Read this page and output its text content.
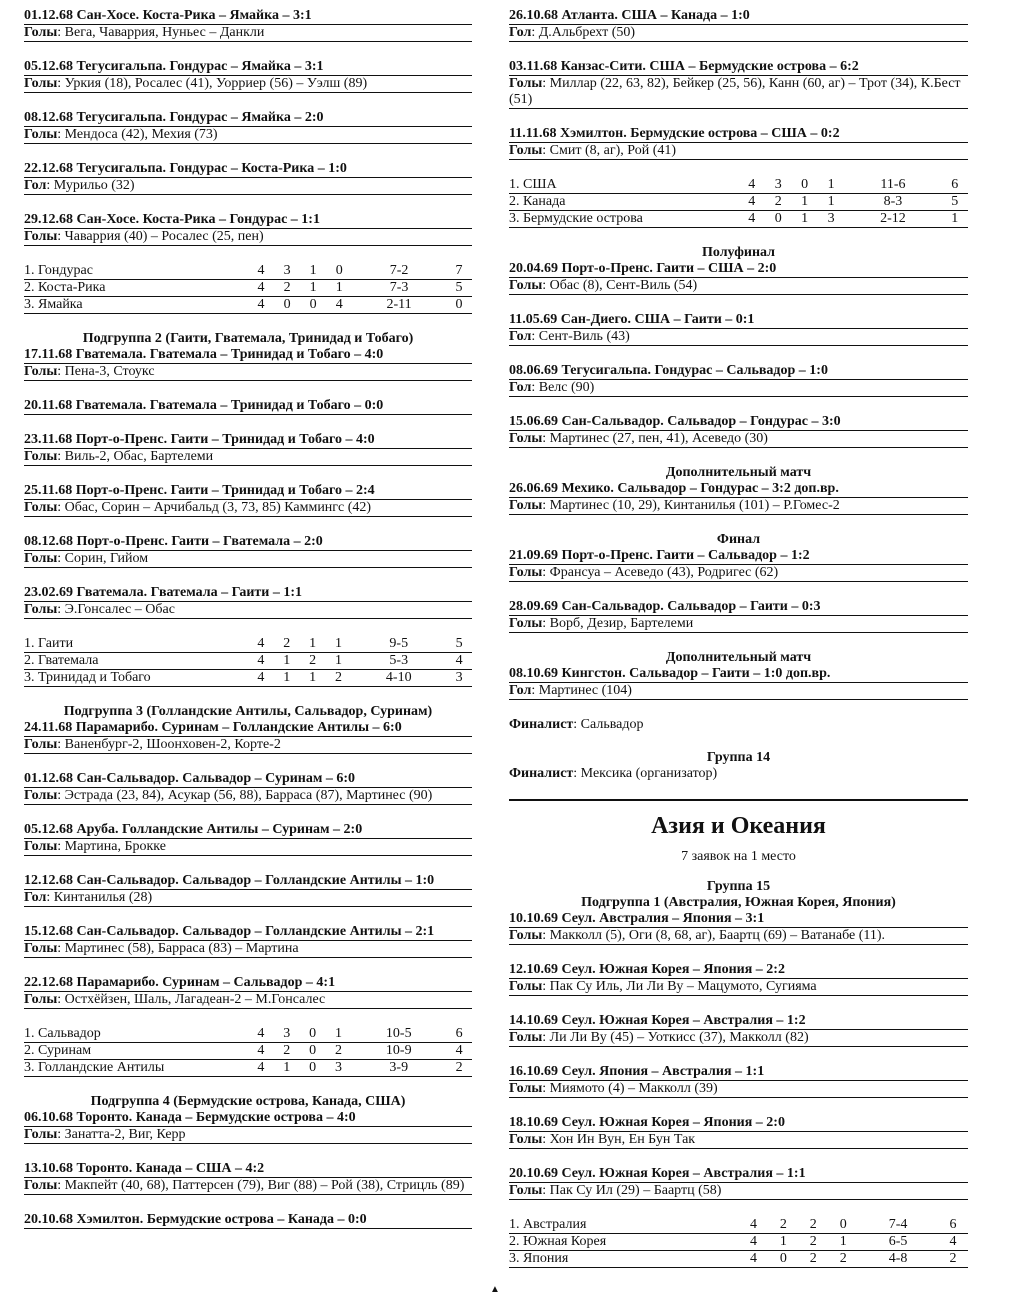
01.12.68 Сан-Хосе. Коста-Рика – Ямайка – 3:1
Голы: Вега, Чаваррия, Нуньес – Данкли
05.12.68 Тегусигальпа. Гондурас – Ямайка – 3:1
Голы: Уркия (18), Росалес (41), Уорриер (56) – Уэлш (89)
08.12.68 Тегусигальпа. Гондурас – Ямайка – 2:0
Голы: Мендоса (42), Мехия (73)
22.12.68 Тегусигальпа. Гондурас – Коста-Рика – 1:0
Гол: Мурильо (32)
29.12.68 Сан-Хосе. Коста-Рика – Гондурас – 1:1
Голы: Чаваррия (40) – Росалес (25, пен)
1. Гондурас	4	3	1	0	7-2	7
2. Коста-Рика	4	2	1	1	7-3	5
3. Ямайка	4	0	0	4	2-11	0
Подгруппа 2 (Гаити, Гватемала, Тринидад и Тобаго)
17.11.68 Гватемала. Гватемала – Тринидад и Тобаго – 4:0
Голы: Пена-3, Стоукс
20.11.68 Гватемала. Гватемала – Тринидад и Тобаго – 0:0
23.11.68 Порт-о-Пренс. Гаити – Тринидад и Тобаго – 4:0
Голы: Виль-2, Обас, Бартелеми
25.11.68 Порт-о-Пренс. Гаити – Тринидад и Тобаго – 2:4
Голы: Обас, Сорин – Арчибальд (3, 73, 85) Каммингс (42)
08.12.68 Порт-о-Пренс. Гаити – Гватемала – 2:0
Голы: Сорин, Гийом
23.02.69 Гватемала. Гватемала – Гаити – 1:1
Голы: Э.Гонсалес – Обас
1. Гаити	4	2	1	1	9-5	5
2. Гватемала	4	1	2	1	5-3	4
3. Тринидад и Тобаго	4	1	1	2	4-10	3
Подгруппа 3 (Голландские Антилы, Сальвадор, Суринам)
24.11.68 Парамарибо. Суринам – Голландские Антилы – 6:0
Голы: Ваненбург-2, Шоонховен-2, Корте-2
01.12.68 Сан-Сальвадор. Сальвадор – Суринам – 6:0
Голы: Эстрада (23, 84), Асукар (56, 88), Барраса (87), Мартинес (90)
05.12.68 Аруба. Голландские Антилы – Суринам – 2:0
Голы: Мартина, Брокке
12.12.68 Сан-Сальвадор. Сальвадор – Голландские Антилы – 1:0
Гол: Кинтанилья (28)
15.12.68 Сан-Сальвадор. Сальвадор – Голландские Антилы – 2:1
Голы: Мартинес (58), Барраса (83) – Мартина
22.12.68 Парамарибо. Суринам – Сальвадор – 4:1
Голы: Остхёйзен, Шаль, Лагадеан-2 – М.Гонсалес
1. Сальвадор	4	3	0	1	10-5	6
2. Суринам	4	2	0	2	10-9	4
3. Голландские Антилы	4	1	0	3	3-9	2
Подгруппа 4 (Бермудские острова, Канада, США)
06.10.68 Торонто. Канада – Бермудские острова – 4:0
Голы: Занатта-2, Виг, Керр
13.10.68 Торонто. Канада – США – 4:2
Голы: Макпейт (40, 68), Паттерсен (79), Виг (88) – Рой (38), Стрицль (89)
20.10.68 Хэмилтон. Бермудские острова – Канада – 0:0
26.10.68 Атланта. США – Канада – 1:0
Гол: Д.Альбрехт (50)
03.11.68 Канзас-Сити. США – Бермудские острова – 6:2
Голы: Миллар (22, 63, 82), Бейкер (25, 56), Канн (60, аг) – Трот (34), К.Бест (51)
11.11.68 Хэмилтон. Бермудские острова – США – 0:2
Голы: Смит (8, аг), Рой (41)
1. США	4	3	0	1	11-6	6
2. Канада	4	2	1	1	8-3	5
3. Бермудские острова	4	0	1	3	2-12	1
Полуфинал
20.04.69 Порт-о-Пренс. Гаити – США – 2:0
Голы: Обас (8), Сент-Виль (54)
11.05.69 Сан-Диего. США – Гаити – 0:1
Гол: Сент-Виль (43)
08.06.69 Тегусигальпа. Гондурас – Сальвадор – 1:0
Гол: Велс (90)
15.06.69 Сан-Сальвадор. Сальвадор – Гондурас – 3:0
Голы: Мартинес (27, пен, 41), Асеведо (30)
Дополнительный матч
26.06.69 Мехико. Сальвадор – Гондурас – 3:2 доп.вр.
Голы: Мартинес (10, 29), Кинтанилья (101) – Р.Гомес-2
Финал
21.09.69 Порт-о-Пренс. Гаити – Сальвадор – 1:2
Голы: Франсуа – Асеведо (43), Родригес (62)
28.09.69 Сан-Сальвадор. Сальвадор – Гаити – 0:3
Голы: Ворб, Дезир, Бартелеми
Дополнительный матч
08.10.69 Кингстон. Сальвадор – Гаити – 1:0 доп.вр.
Гол: Мартинес (104)
Финалист: Сальвадор
Группа 14
Финалист: Мексика (организатор)
Азия и Океания
7 заявок на 1 место
Группа 15
Подгруппа 1 (Австралия, Южная Корея, Япония)
10.10.69 Сеул. Австралия – Япония – 3:1
Голы: Макколл (5), Оги (8, 68, аг), Баартц (69) – Ватанабе (11).
12.10.69 Сеул. Южная Корея – Япония – 2:2
Голы: Пак Су Иль, Ли Ли Ву – Мацумото, Сугияма
14.10.69 Сеул. Южная Корея – Австралия – 1:2
Голы: Ли Ли Ву (45) – Уоткисс (37), Макколл (82)
16.10.69 Сеул. Япония – Австралия – 1:1
Голы: Миямото (4) – Макколл (39)
18.10.69 Сеул. Южная Корея – Япония – 2:0
Голы: Хон Ин Вун, Ен Бун Так
20.10.69 Сеул. Южная Корея – Австралия – 1:1
Голы: Пак Су Ил (29) – Баартц (58)
1. Австралия	4	2	2	0	7-4	6
2. Южная Корея	4	1	2	1	6-5	4
3. Япония	4	0	2	2	4-8	2
▲
